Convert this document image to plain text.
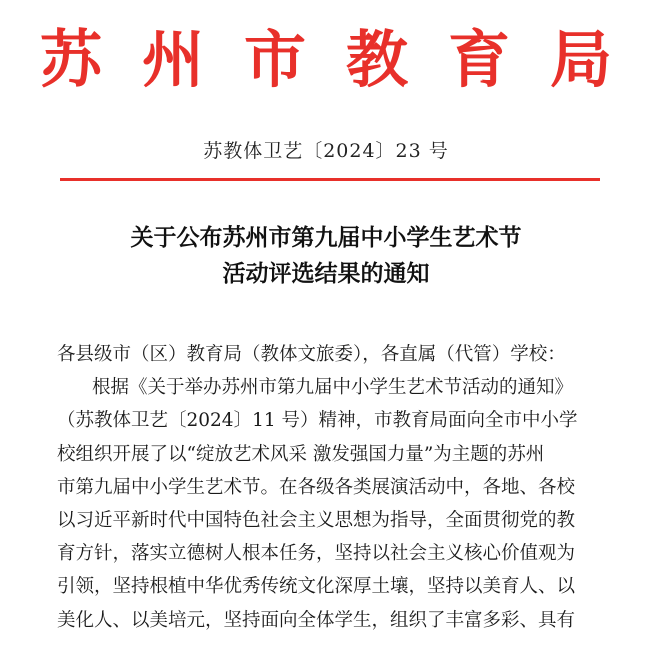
苏州市教育局
苏教体卫艺〔2024〕23 号
关于公布苏州市第九届中小学生艺术节
活动评选结果的通知

各县级市（区）教育局（教体文旅委），各直属（代管）学校：

根据《关于举办苏州市第九届中小学生艺术节活动的通知》

（苏教体卫艺〔2024〕11 号）精神，市教育局面向全市中小学

校组织开展了以“绽放艺术风采 激发强国力量”为主题的苏州

市第九届中小学生艺术节。在各级各类展演活动中，各地、各校

以习近平新时代中国特色社会主义思想为指导，全面贯彻党的教

育方针，落实立德树人根本任务，坚持以社会主义核心价值观为

引领，坚持根植中华优秀传统文化深厚土壤，坚持以美育人、以

美化人、以美培元，坚持面向全体学生，组织了丰富多彩、具有
